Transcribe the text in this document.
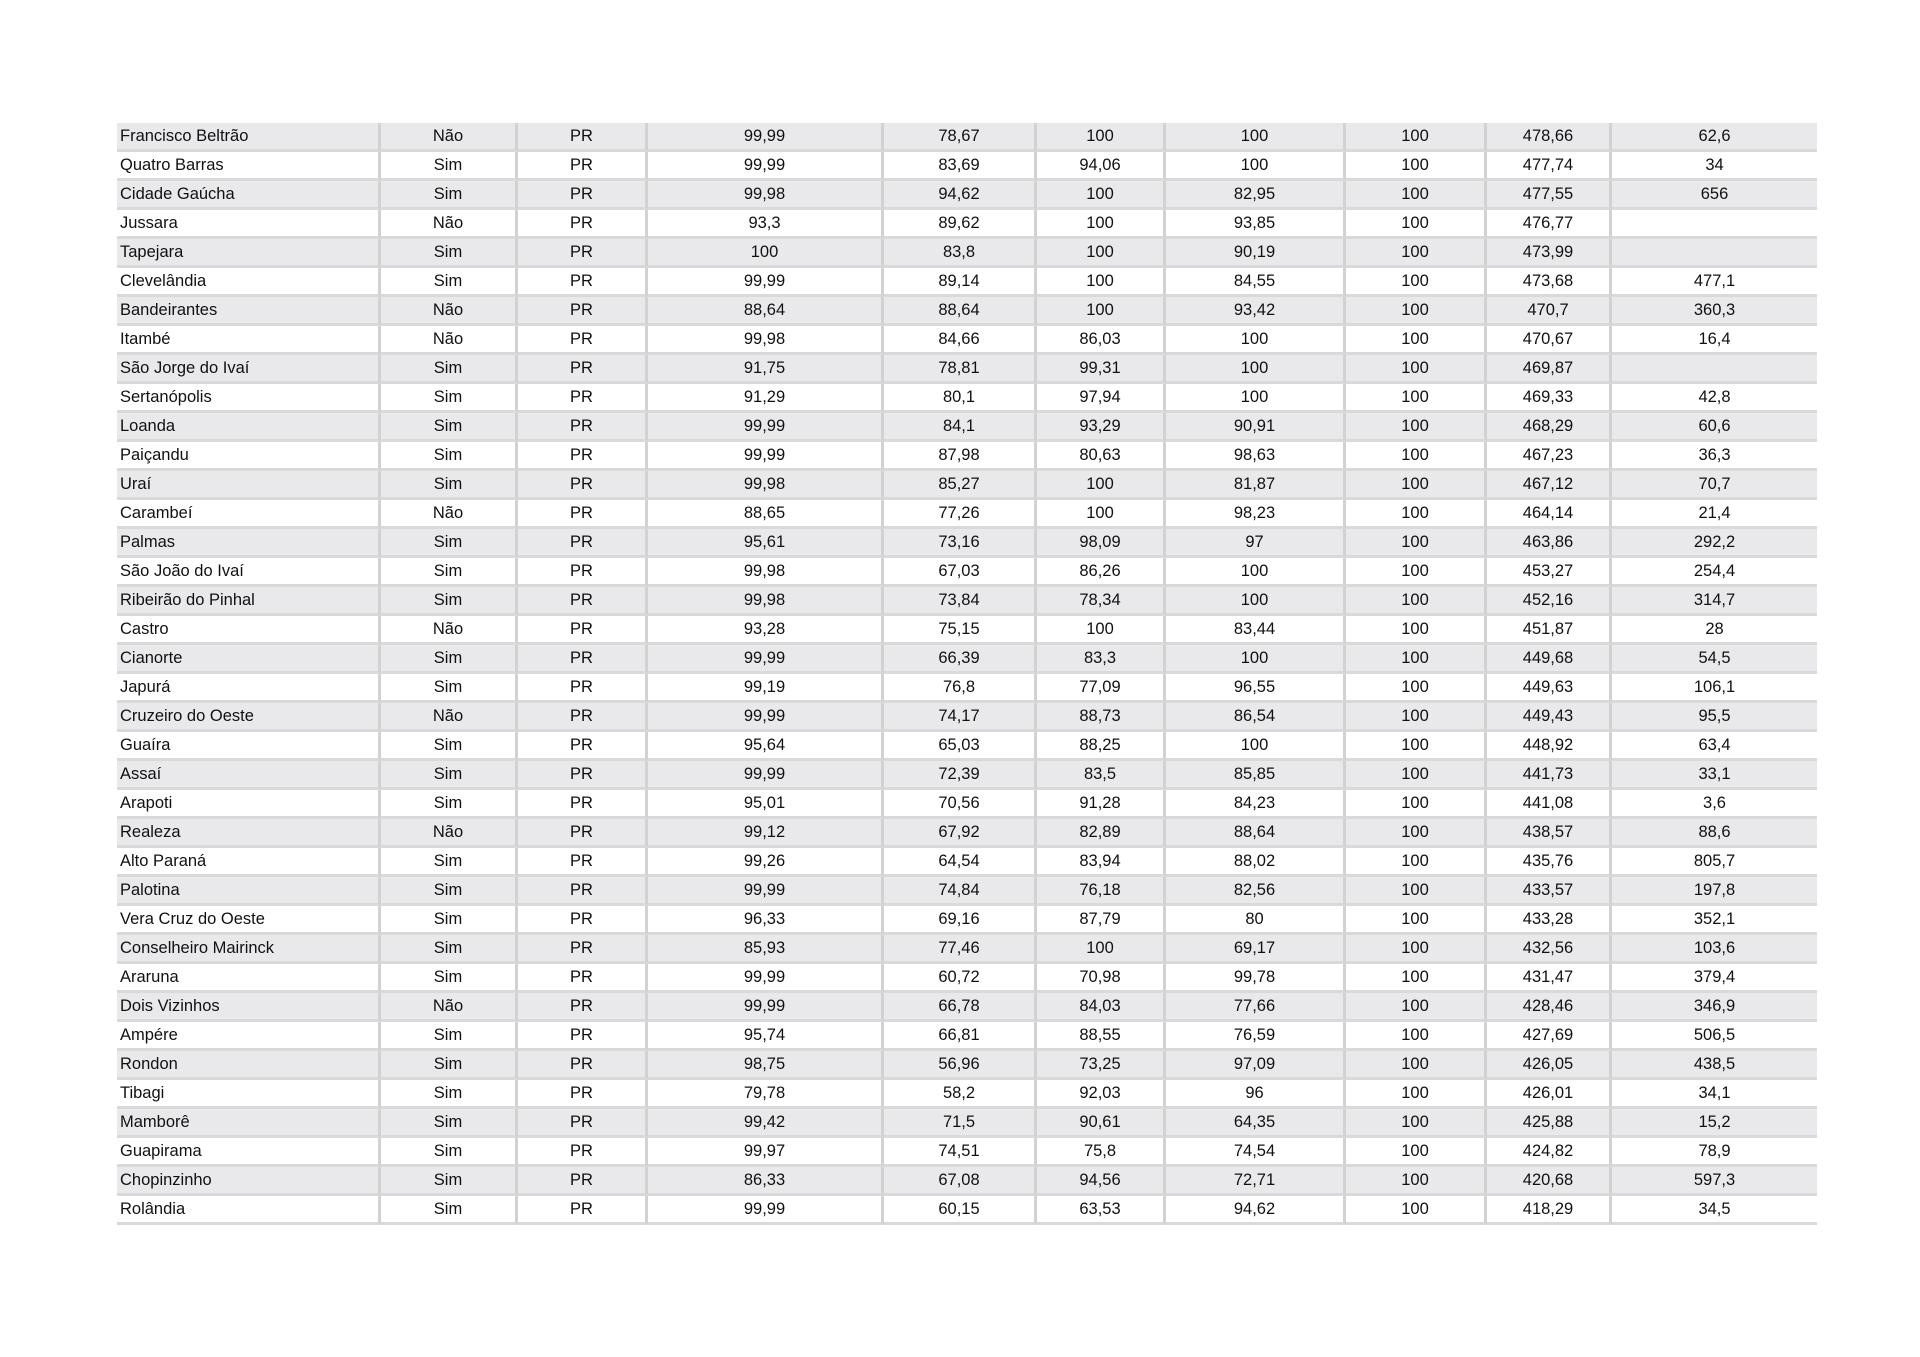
Francisco Beltrão	Não	PR	99,99	78,67	100	100	100	478,66	62,6
Quatro Barras	Sim	PR	99,99	83,69	94,06	100	100	477,74	34
Cidade Gaúcha	Sim	PR	99,98	94,62	100	82,95	100	477,55	656
Jussara	Não	PR	93,3	89,62	100	93,85	100	476,77	
Tapejara	Sim	PR	100	83,8	100	90,19	100	473,99	
Clevelândia	Sim	PR	99,99	89,14	100	84,55	100	473,68	477,1
Bandeirantes	Não	PR	88,64	88,64	100	93,42	100	470,7	360,3
Itambé	Não	PR	99,98	84,66	86,03	100	100	470,67	16,4
São Jorge do Ivaí	Sim	PR	91,75	78,81	99,31	100	100	469,87	
Sertanópolis	Sim	PR	91,29	80,1	97,94	100	100	469,33	42,8
Loanda	Sim	PR	99,99	84,1	93,29	90,91	100	468,29	60,6
Paiçandu	Sim	PR	99,99	87,98	80,63	98,63	100	467,23	36,3
Uraí	Sim	PR	99,98	85,27	100	81,87	100	467,12	70,7
Carambeí	Não	PR	88,65	77,26	100	98,23	100	464,14	21,4
Palmas	Sim	PR	95,61	73,16	98,09	97	100	463,86	292,2
São João do Ivaí	Sim	PR	99,98	67,03	86,26	100	100	453,27	254,4
Ribeirão do Pinhal	Sim	PR	99,98	73,84	78,34	100	100	452,16	314,7
Castro	Não	PR	93,28	75,15	100	83,44	100	451,87	28
Cianorte	Sim	PR	99,99	66,39	83,3	100	100	449,68	54,5
Japurá	Sim	PR	99,19	76,8	77,09	96,55	100	449,63	106,1
Cruzeiro do Oeste	Não	PR	99,99	74,17	88,73	86,54	100	449,43	95,5
Guaíra	Sim	PR	95,64	65,03	88,25	100	100	448,92	63,4
Assaí	Sim	PR	99,99	72,39	83,5	85,85	100	441,73	33,1
Arapoti	Sim	PR	95,01	70,56	91,28	84,23	100	441,08	3,6
Realeza	Não	PR	99,12	67,92	82,89	88,64	100	438,57	88,6
Alto Paraná	Sim	PR	99,26	64,54	83,94	88,02	100	435,76	805,7
Palotina	Sim	PR	99,99	74,84	76,18	82,56	100	433,57	197,8
Vera Cruz do Oeste	Sim	PR	96,33	69,16	87,79	80	100	433,28	352,1
Conselheiro Mairinck	Sim	PR	85,93	77,46	100	69,17	100	432,56	103,6
Araruna	Sim	PR	99,99	60,72	70,98	99,78	100	431,47	379,4
Dois Vizinhos	Não	PR	99,99	66,78	84,03	77,66	100	428,46	346,9
Ampére	Sim	PR	95,74	66,81	88,55	76,59	100	427,69	506,5
Rondon	Sim	PR	98,75	56,96	73,25	97,09	100	426,05	438,5
Tibagi	Sim	PR	79,78	58,2	92,03	96	100	426,01	34,1
Mamborê	Sim	PR	99,42	71,5	90,61	64,35	100	425,88	15,2
Guapirama	Sim	PR	99,97	74,51	75,8	74,54	100	424,82	78,9
Chopinzinho	Sim	PR	86,33	67,08	94,56	72,71	100	420,68	597,3
Rolândia	Sim	PR	99,99	60,15	63,53	94,62	100	418,29	34,5
